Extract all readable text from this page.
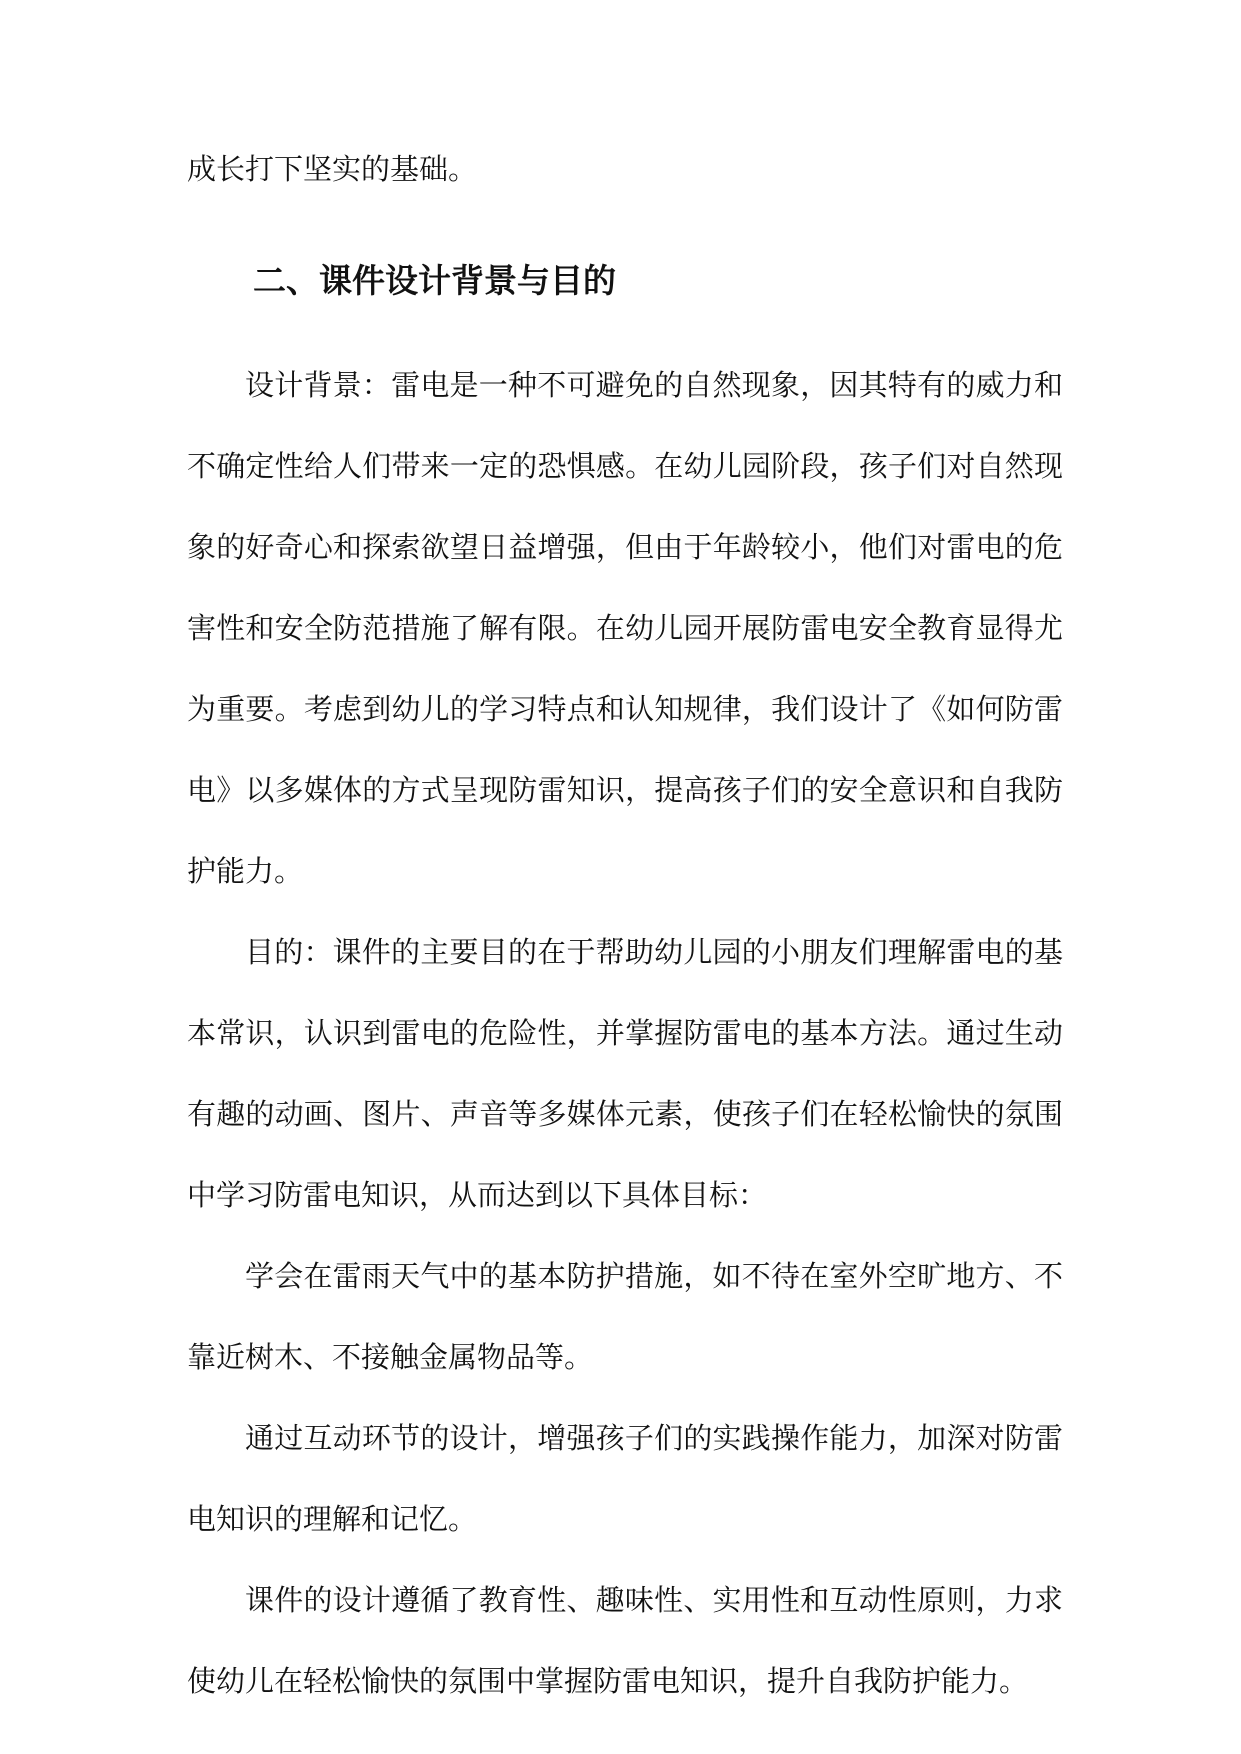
成长打下坚实的基础。

二、课件设计背景与目的

设计背景：雷电是一种不可避免的自然现象，因其特有的威力和不确定性给人们带来一定的恐惧感。在幼儿园阶段，孩子们对自然现象的好奇心和探索欲望日益增强，但由于年龄较小，他们对雷电的危害性和安全防范措施了解有限。在幼儿园开展防雷电安全教育显得尤为重要。考虑到幼儿的学习特点和认知规律，我们设计了《如何防雷电》以多媒体的方式呈现防雷知识，提高孩子们的安全意识和自我防护能力。

目的：课件的主要目的在于帮助幼儿园的小朋友们理解雷电的基本常识，认识到雷电的危险性，并掌握防雷电的基本方法。通过生动有趣的动画、图片、声音等多媒体元素，使孩子们在轻松愉快的氛围中学习防雷电知识，从而达到以下具体目标：

学会在雷雨天气中的基本防护措施，如不待在室外空旷地方、不靠近树木、不接触金属物品等。

通过互动环节的设计，增强孩子们的实践操作能力，加深对防雷电知识的理解和记忆。

课件的设计遵循了教育性、趣味性、实用性和互动性原则，力求使幼儿在轻松愉快的氛围中掌握防雷电知识，提升自我防护能力。
